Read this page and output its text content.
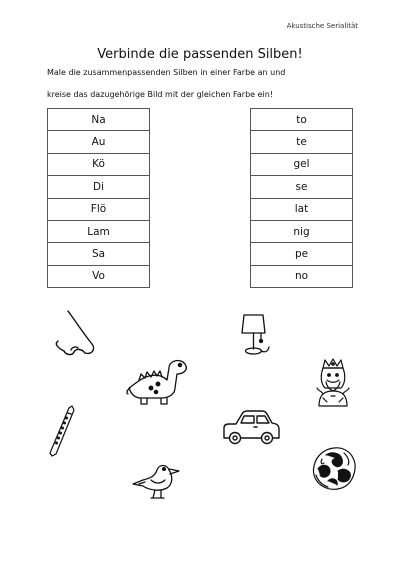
Akustische Serialität
Verbinde die passenden Silben!
Male die zusammenpassenden Silben in einer Farbe an und
kreise das dazugehörige Bild mit der gleichen Farbe ein!
Na
Au
Kö
Di
Flö
Lam
Sa
Vo
to
te
gel
se
lat
nig
pe
no
